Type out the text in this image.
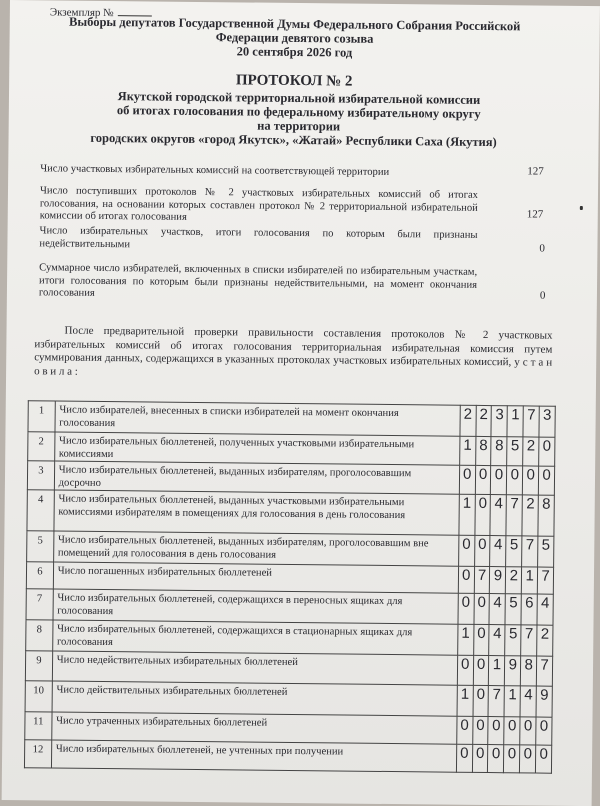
Экземпляр №
Выборы депутатов Государственной Думы Федерального Собрания Российской
Федерации девятого созыва
20 сентября 2026 год
ПРОТОКОЛ № 2
Якутской городской территориальной избирательной комиссии
об итогах голосования по федеральному избирательному округу
на территории
городских округов «город Якутск», «Жатай» Республики Саха (Якутия)
Число участковых избирательных комиссий на соответствующей территории	127
Число поступивших протоколов № 2 участковых избирательных комиссий об итогах голосования, на основании которых составлен протокол № 2 территориальной избирательной комиссии об итогах голосования	127
Число избирательных участков, итоги голосования по которым были признаны недействительными	0
Суммарное число избирателей, включенных в списки избирателей по избирательным участкам, итоги голосования по которым были признаны недействительными, на момент окончания голосования	0
После предварительной проверки правильности составления протоколов № 2 участковых избирательных комиссий об итогах голосования территориальная избирательная комиссия путем суммирования данных, содержащихся в указанных протоколах участковых избирательных комиссий, у с т а н о в и л а :
1	Число избирателей, внесенных в списки избирателей на момент окончания голосования	2	2	3	1	7	3
2	Число избирательных бюллетеней, полученных участковыми избирательными комиссиями	1	8	8	5	2	0
3	Число избирательных бюллетеней, выданных избирателям, проголосовавшим досрочно	0	0	0	0	0	0
4	Число избирательных бюллетеней, выданных участковыми избирательными комиссиями избирателям в помещениях для голосования в день голосования	1	0	4	7	2	8
5	Число избирательных бюллетеней, выданных избирателям, проголосовавшим вне помещений для голосования в день голосования	0	0	4	5	7	5
6	Число погашенных избирательных бюллетеней	0	7	9	2	1	7
7	Число избирательных бюллетеней, содержащихся в переносных ящиках для голосования	0	0	4	5	6	4
8	Число избирательных бюллетеней, содержащихся в стационарных ящиках для голосования	1	0	4	5	7	2
9	Число недействительных избирательных бюллетеней	0	0	1	9	8	7
10	Число действительных избирательных бюллетеней	1	0	7	1	4	9
11	Число утраченных избирательных бюллетеней	0	0	0	0	0	0
12	Число избирательных бюллетеней, не учтенных при получении	0	0	0	0	0	0
